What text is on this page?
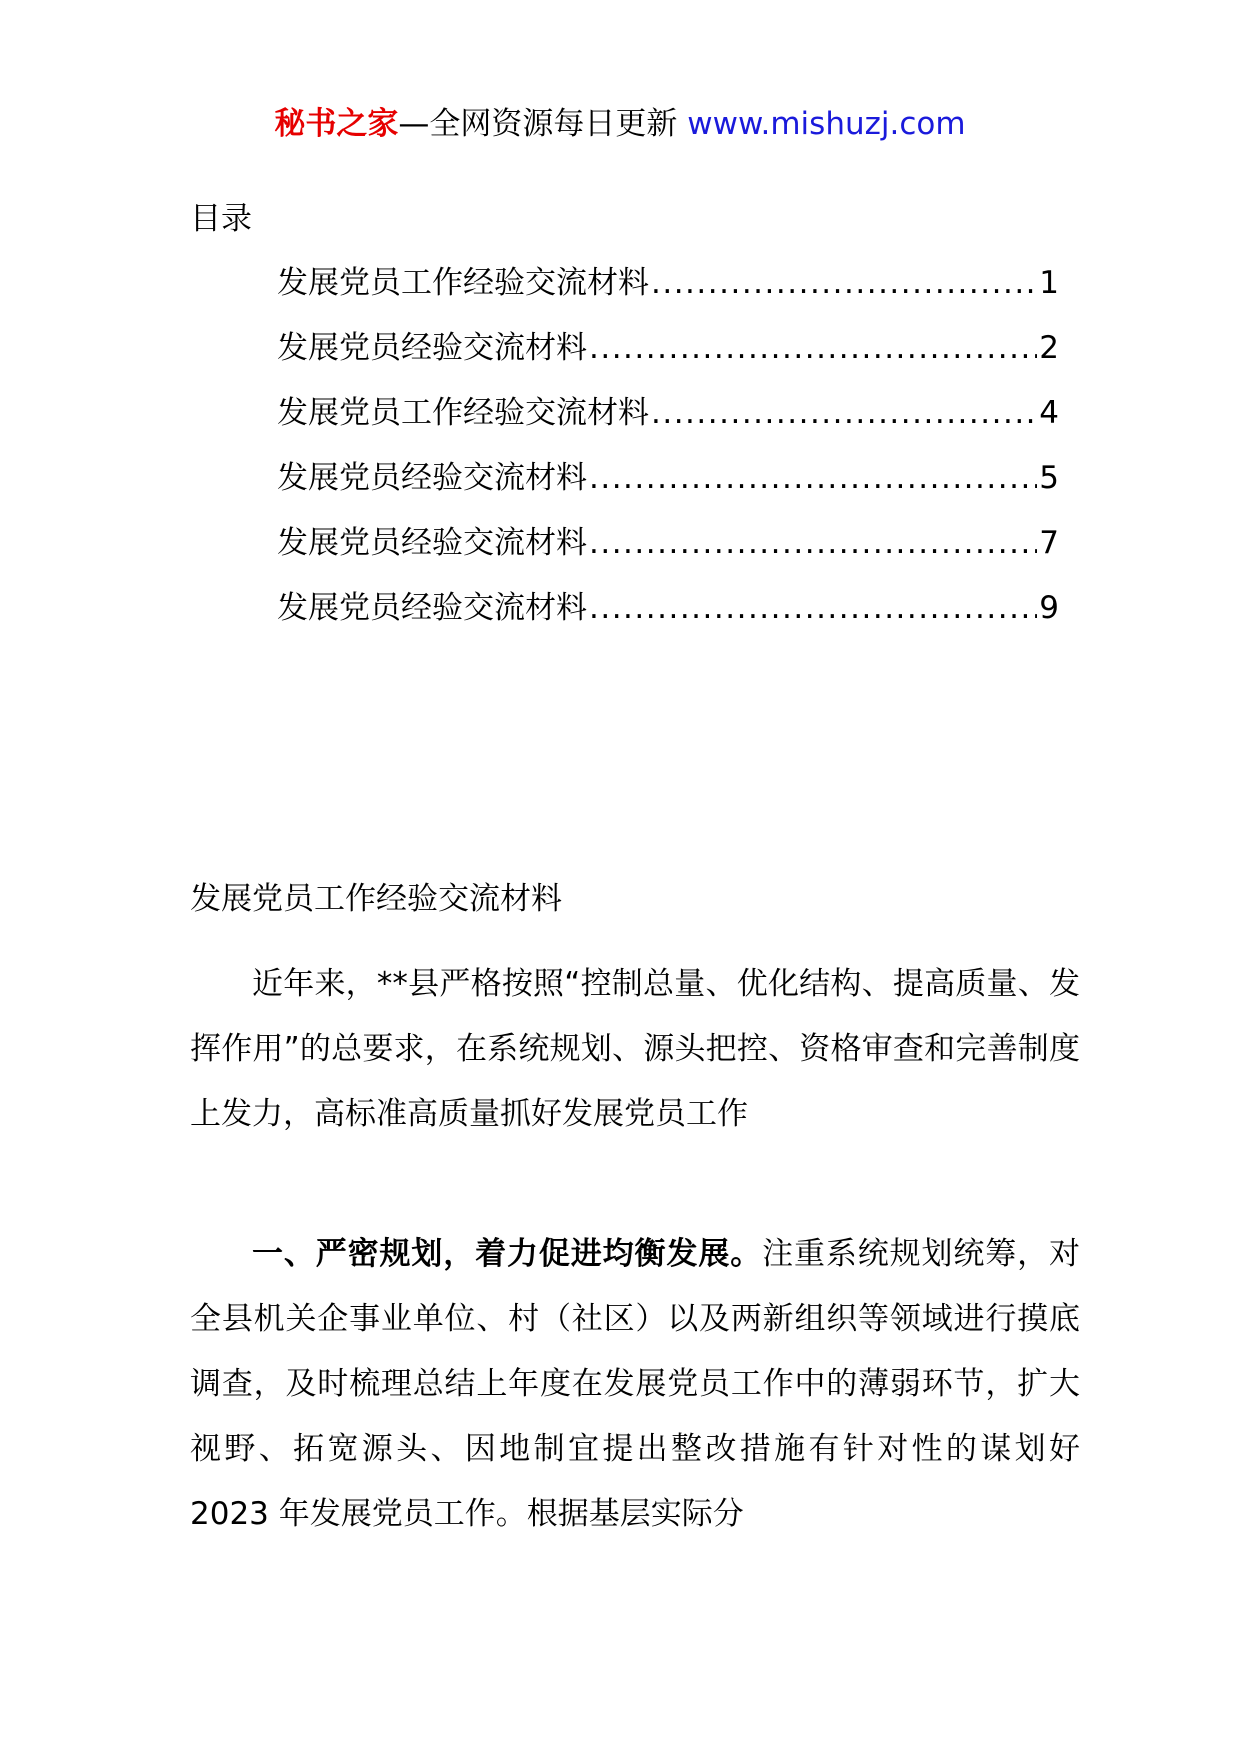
秘书之家—全网资源每日更新 www.mishuzj.com
目录
发展党员工作经验交流材料 .....	1
发展党员经验交流材料 .....	2
发展党员工作经验交流材料 .....	4
发展党员经验交流材料 .....	5
发展党员经验交流材料 .....	7
发展党员经验交流材料 .....	9
发展党员工作经验交流材料

近年来，**县严格按照“控制总量、优化结构、提高质量、发挥作用”的总要求，在系统规划、源头把控、资格审查和完善制度上发力，高标准高质量抓好发展党员工作

一、严密规划，着力促进均衡发展。注重系统规划统筹，对全县机关企事业单位、村（社区）以及两新组织等领域进行摸底调查，及时梳理总结上年度在发展党员工作中的薄弱环节，扩大视野、拓宽源头、因地制宜提出整改措施有针对性的谋划好 2023 年发展党员工作。根据基层实际分
